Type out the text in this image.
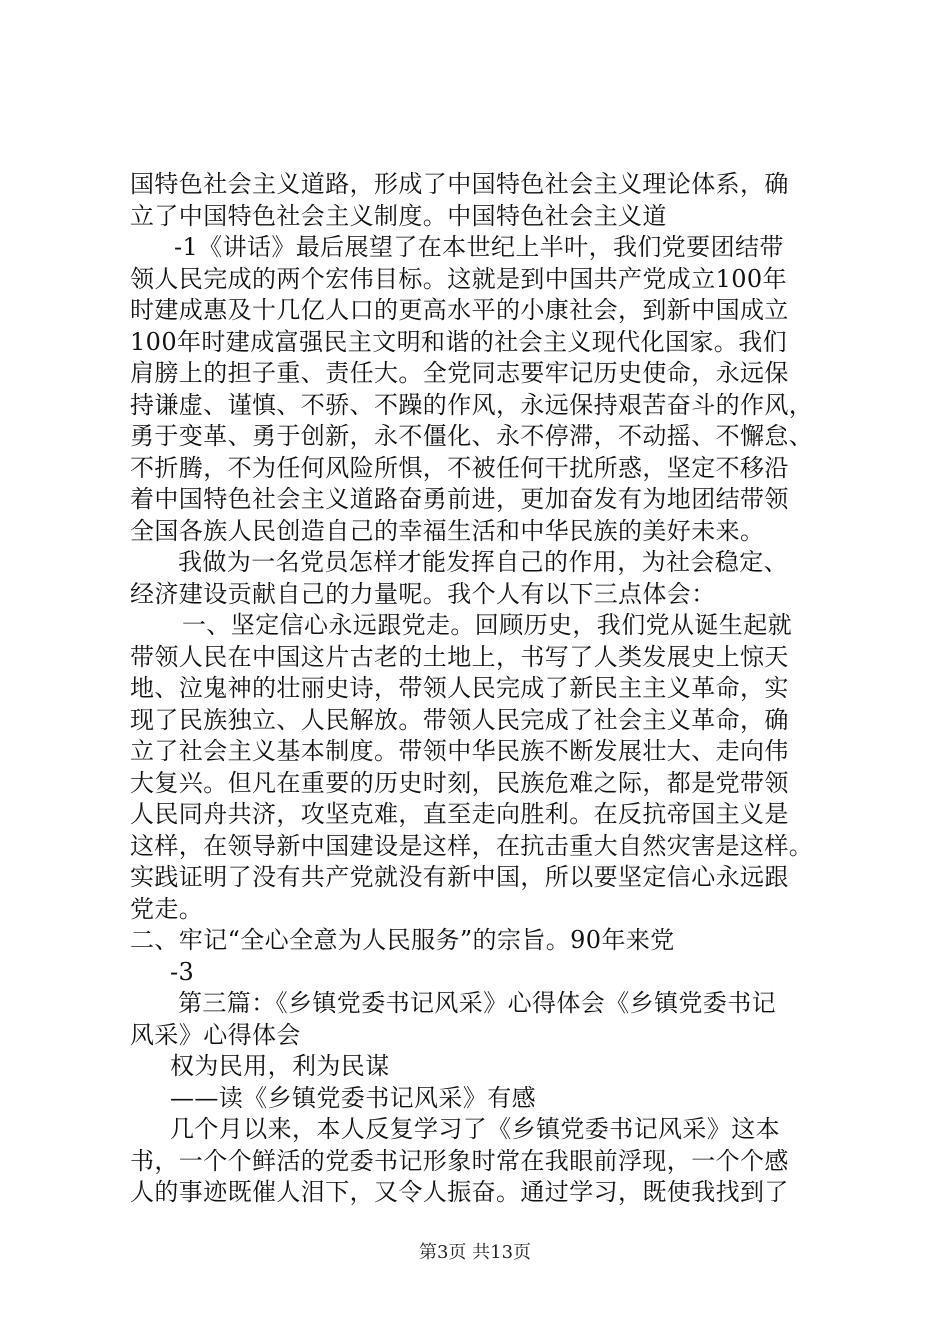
国特色社会主义道路，形成了中国特色社会主义理论体系，确
立了中国特色社会主义制度。中国特色社会主义道
-1《讲话》最后展望了在本世纪上半叶，我们党要团结带
领人民完成的两个宏伟目标。这就是到中国共产党成立100年
时建成惠及十几亿人口的更高水平的小康社会，到新中国成立
100年时建成富强民主文明和谐的社会主义现代化国家。我们
肩膀上的担子重、责任大。全党同志要牢记历史使命，永远保
持谦虚、谨慎、不骄、不躁的作风，永远保持艰苦奋斗的作风，
勇于变革、勇于创新，永不僵化、永不停滞，不动摇、不懈怠、
不折腾，不为任何风险所惧，不被任何干扰所惑，坚定不移沿
着中国特色社会主义道路奋勇前进，更加奋发有为地团结带领
全国各族人民创造自己的幸福生活和中华民族的美好未来。
我做为一名党员怎样才能发挥自己的作用，为社会稳定、
经济建设贡献自己的力量呢。我个人有以下三点体会：
一、坚定信心永远跟党走。回顾历史，我们党从诞生起就
带领人民在中国这片古老的土地上，书写了人类发展史上惊天
地、泣鬼神的壮丽史诗，带领人民完成了新民主主义革命，实
现了民族独立、人民解放。带领人民完成了社会主义革命，确
立了社会主义基本制度。带领中华民族不断发展壮大、走向伟
大复兴。但凡在重要的历史时刻，民族危难之际，都是党带领
人民同舟共济，攻坚克难，直至走向胜利。在反抗帝国主义是
这样，在领导新中国建设是这样，在抗击重大自然灾害是这样。
实践证明了没有共产党就没有新中国，所以要坚定信心永远跟
党走。
二、牢记“全心全意为人民服务”的宗旨。90年来党
-3
第三篇：《乡镇党委书记风采》心得体会《乡镇党委书记
风采》心得体会
权为民用，利为民谋
——读《乡镇党委书记风采》有感
几个月以来，本人反复学习了《乡镇党委书记风采》这本
书，一个个鲜活的党委书记形象时常在我眼前浮现，一个个感
人的事迹既催人泪下，又令人振奋。通过学习，既使我找到了
第3页 共13页
